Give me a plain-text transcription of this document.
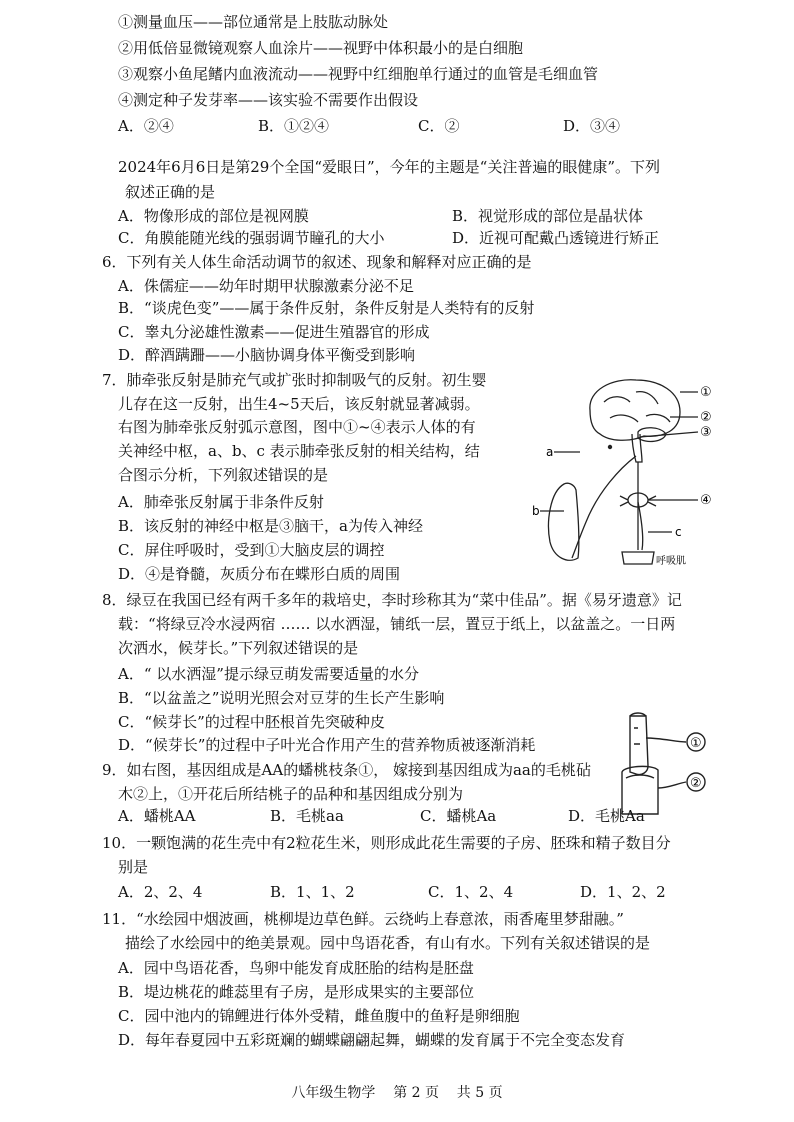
①测量血压——部位通常是上肢肱动脉处
②用低倍显微镜观察人血涂片——视野中体积最小的是白细胞
③观察小鱼尾鳍内血液流动——视野中红细胞单行通过的血管是毛细血管
④测定种子发芽率——该实验不需要作出假设
A．②④	B．①②④	C．②	D．③④
2024年6月6日是第29个全国“爱眼日”，今年的主题是“关注普遍的眼健康”。下列
叙述正确的是
A．物像形成的部位是视网膜	B．视觉形成的部位是晶状体
C．角膜能随光线的强弱调节瞳孔的大小	D．近视可配戴凸透镜进行矫正
6．下列有关人体生命活动调节的叙述、现象和解释对应正确的是
A．侏儒症——幼年时期甲状腺激素分泌不足
B．“谈虎色变”——属于条件反射，条件反射是人类特有的反射
C．睾丸分泌雄性激素——促进生殖器官的形成
D．醉酒蹒跚——小脑协调身体平衡受到影响
7．肺牵张反射是肺充气或扩张时抑制吸气的反射。初生婴
儿存在这一反射，出生4~5天后，该反射就显著减弱。
右图为肺牵张反射弧示意图，图中①~④表示人体的有
关神经中枢，a、b、c 表示肺牵张反射的相关结构，结
合图示分析，下列叙述错误的是
A．肺牵张反射属于非条件反射
B．该反射的神经中枢是③脑干，a为传入神经
C．屏住呼吸时，受到①大脑皮层的调控
D．④是脊髓，灰质分布在蝶形白质的周围
①
②
③
④
a
b
c
呼吸肌
8．绿豆在我国已经有两千多年的栽培史，李时珍称其为“菜中佳品”。据《易牙遗意》记
载：“将绿豆冷水浸两宿 …… 以水洒湿，铺纸一层，置豆于纸上，以盆盖之。一日两
次洒水，候芽长。”下列叙述错误的是
A．“ 以水洒湿”提示绿豆萌发需要适量的水分
B．“以盆盖之”说明光照会对豆芽的生长产生影响
C．“候芽长”的过程中胚根首先突破种皮
D．“候芽长”的过程中子叶光合作用产生的营养物质被逐渐消耗	①
②
9．如右图，基因组成是AA的蟠桃枝条①， 嫁接到基因组成为aa的毛桃砧
木②上，①开花后所结桃子的品种和基因组成分别为
A．蟠桃AA	B．毛桃aa	C．蟠桃Aa	D．毛桃Aa
10．一颗饱满的花生壳中有2粒花生米，则形成此花生需要的子房、胚珠和精子数目分
别是
A．2、2、4	B．1、1、2	C．1、2、4	D．1、2、2
11．“水绘园中烟波画，桃柳堤边草色鲜。云绕屿上春意浓，雨香庵里梦甜融。”
描绘了水绘园中的绝美景观。园中鸟语花香，有山有水。下列有关叙述错误的是
A．园中鸟语花香，鸟卵中能发育成胚胎的结构是胚盘
B．堤边桃花的雌蕊里有子房，是形成果实的主要部位
C．园中池内的锦鲤进行体外受精，雌鱼腹中的鱼籽是卵细胞
D．每年春夏园中五彩斑斓的蝴蝶翩翩起舞，蝴蝶的发育属于不完全变态发育
八年级生物学    第 2 页    共 5 页
